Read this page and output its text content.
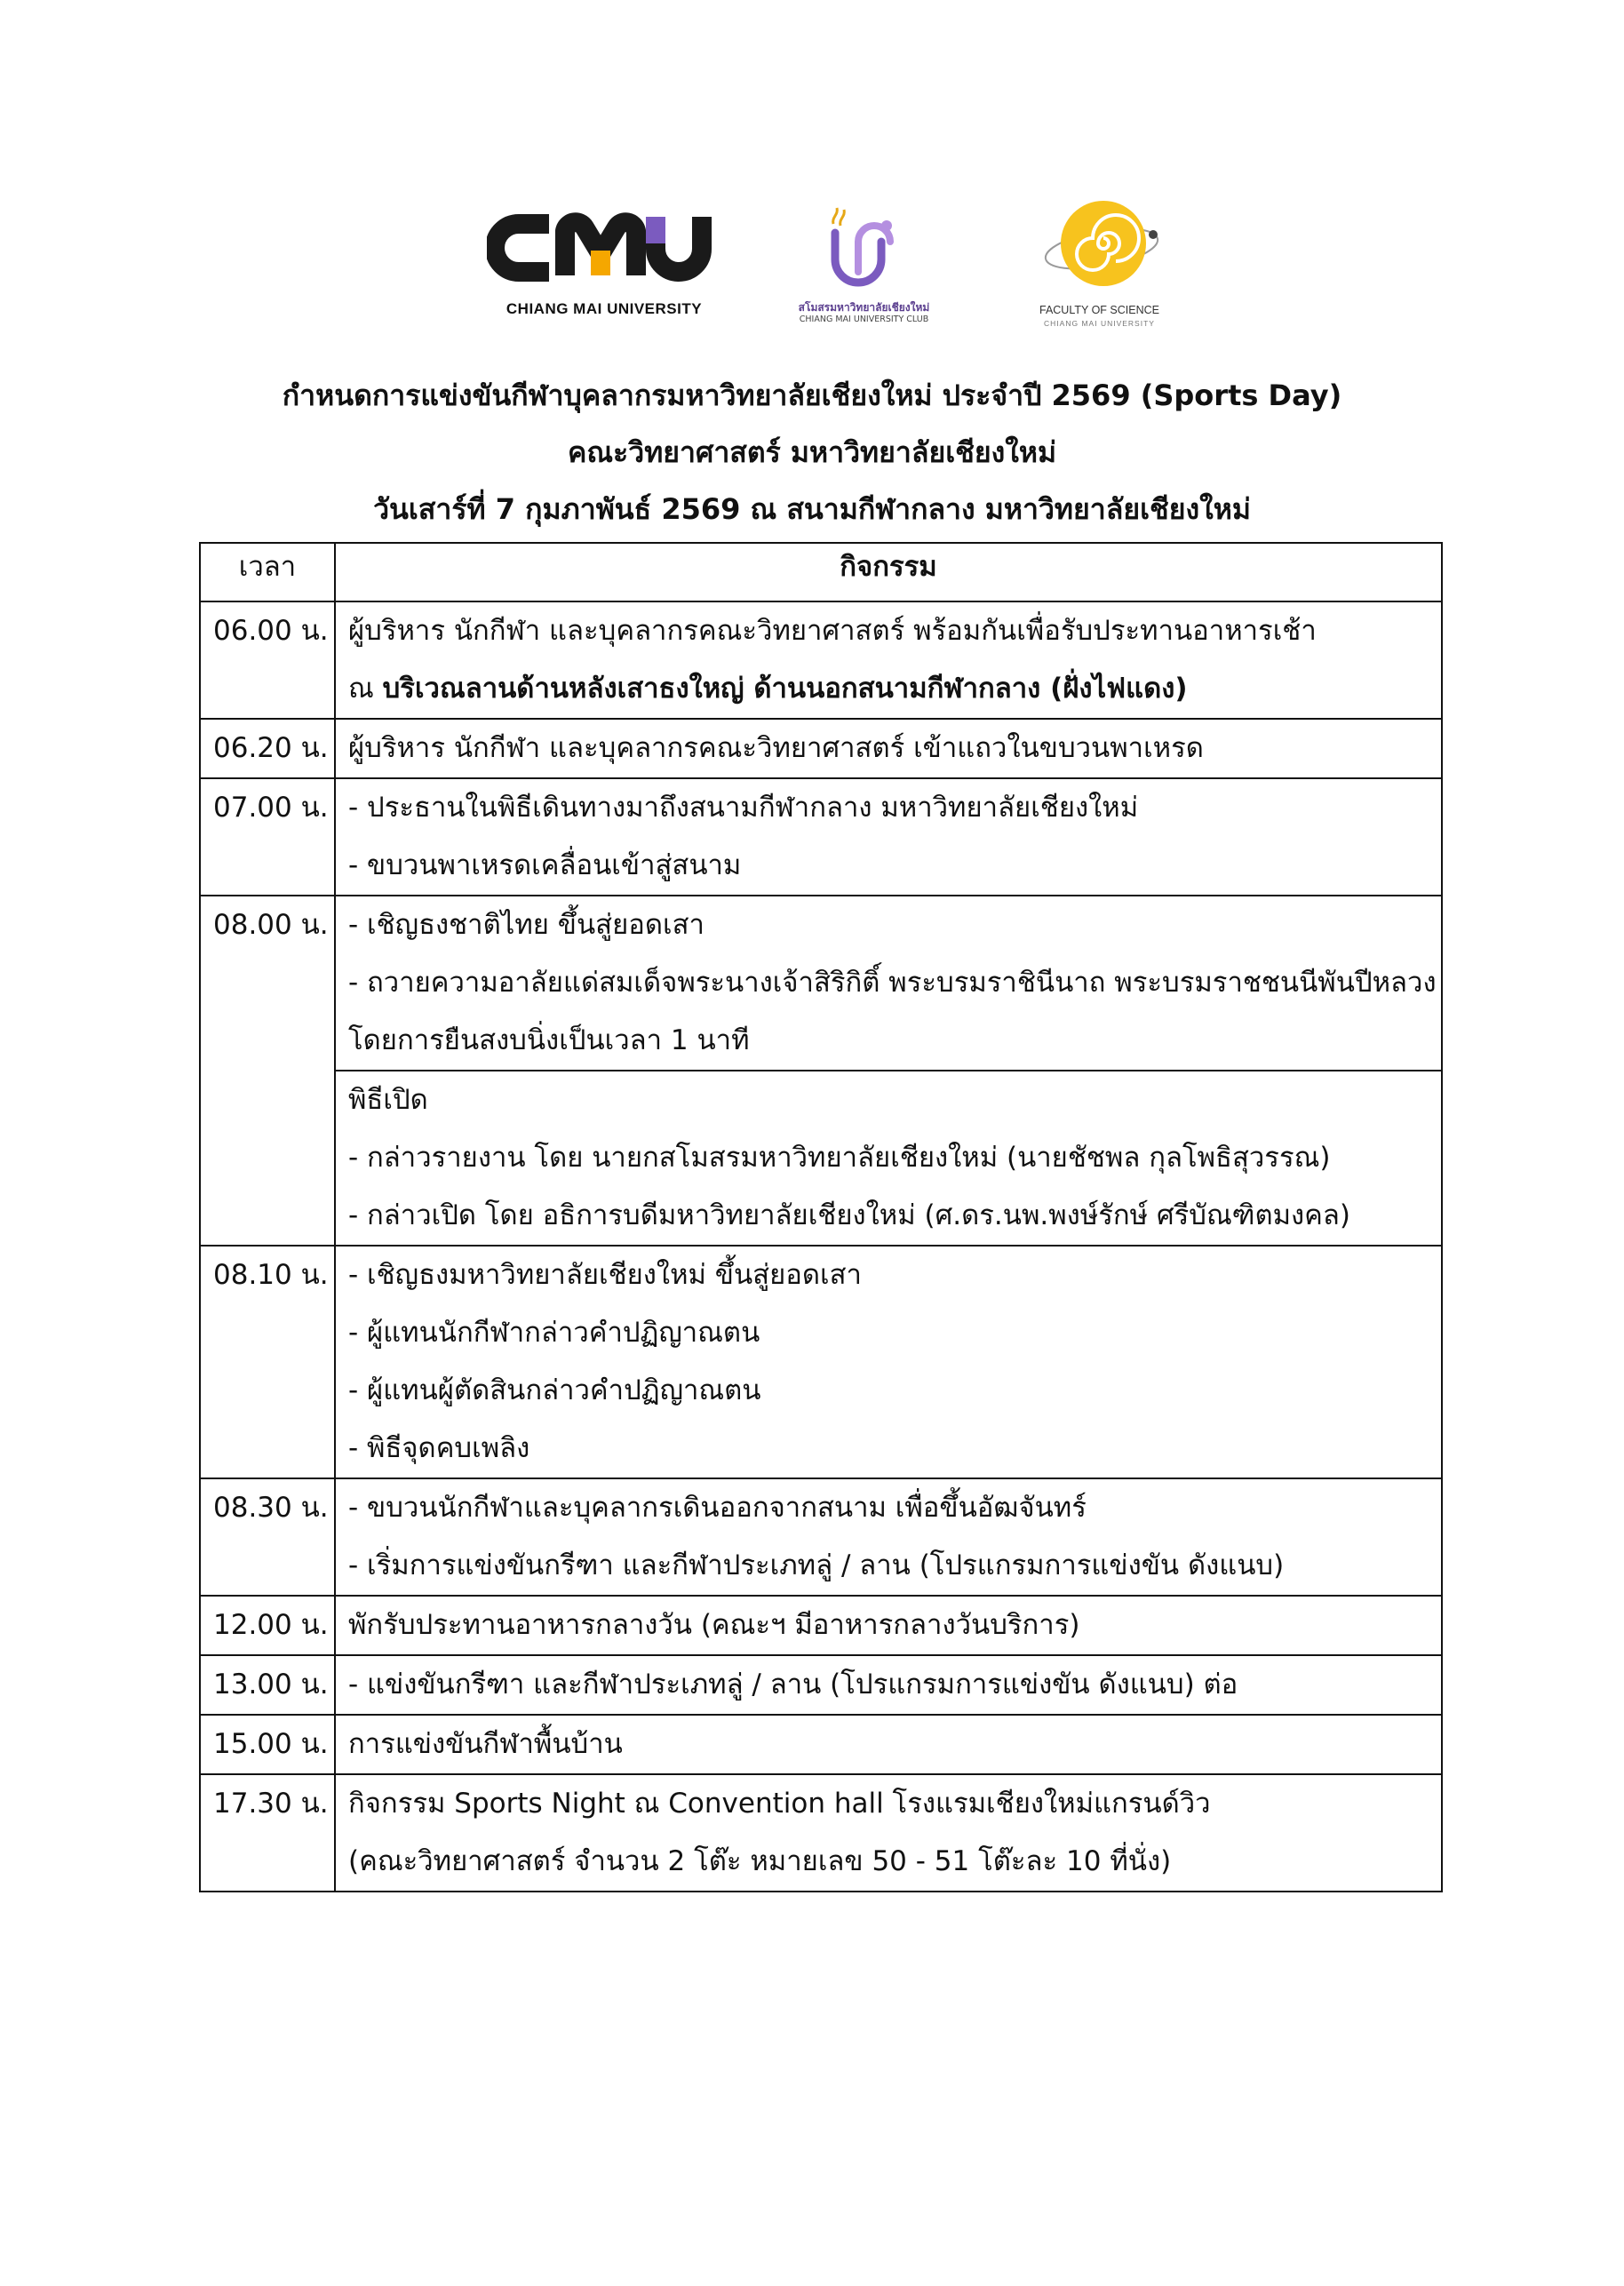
CHIANG MAI UNIVERSITY	สโมสรมหาวิทยาลัยเชียงใหม่
CHIANG MAI UNIVERSITY CLUB
FACULTY OF SCIENCE
CHIANG MAI UNIVERSITY
กำหนดการแข่งขันกีฬาบุคลากรมหาวิทยาลัยเชียงใหม่ ประจำปี 2569 (Sports Day)
คณะวิทยาศาสตร์ มหาวิทยาลัยเชียงใหม่
วันเสาร์ที่ 7 กุมภาพันธ์ 2569 ณ สนามกีฬากลาง มหาวิทยาลัยเชียงใหม่
เวลา	กิจกรรม
06.00 น.	ผู้บริหาร นักกีฬา และบุคลากรคณะวิทยาศาสตร์ พร้อมกันเพื่อรับประทานอาหารเช้า
ณ บริเวณลานด้านหลังเสาธงใหญ่ ด้านนอกสนามกีฬากลาง (ฝั่งไฟแดง)

06.20 น.	ผู้บริหาร นักกีฬา และบุคลากรคณะวิทยาศาสตร์ เข้าแถวในขบวนพาเหรด

07.00 น.	- ประธานในพิธีเดินทางมาถึงสนามกีฬากลาง มหาวิทยาลัยเชียงใหม่
- ขบวนพาเหรดเคลื่อนเข้าสู่สนาม

08.00 น.	- เชิญธงชาติไทย ขึ้นสู่ยอดเสา
- ถวายความอาลัยแด่สมเด็จพระนางเจ้าสิริกิติ์ พระบรมราชินีนาถ พระบรมราชชนนีพันปีหลวง
โดยการยืนสงบนิ่งเป็นเวลา 1 นาที

	พิธีเปิด
- กล่าวรายงาน โดย นายกสโมสรมหาวิทยาลัยเชียงใหม่ (นายชัชพล กุลโพธิสุวรรณ)
- กล่าวเปิด โดย อธิการบดีมหาวิทยาลัยเชียงใหม่ (ศ.ดร.นพ.พงษ์รักษ์ ศรีบัณฑิตมงคล)

08.10 น.	- เชิญธงมหาวิทยาลัยเชียงใหม่ ขึ้นสู่ยอดเสา
- ผู้แทนนักกีฬากล่าวคำปฏิญาณตน
- ผู้แทนผู้ตัดสินกล่าวคำปฏิญาณตน
- พิธีจุดคบเพลิง

08.30 น.	- ขบวนนักกีฬาและบุคลากรเดินออกจากสนาม เพื่อขึ้นอัฒจันทร์
- เริ่มการแข่งขันกรีฑา และกีฬาประเภทลู่ / ลาน (โปรแกรมการแข่งขัน ดังแนบ)

12.00 น.	พักรับประทานอาหารกลางวัน (คณะฯ มีอาหารกลางวันบริการ)

13.00 น.	- แข่งขันกรีฑา และกีฬาประเภทลู่ / ลาน (โปรแกรมการแข่งขัน ดังแนบ) ต่อ

15.00 น.	การแข่งขันกีฬาพื้นบ้าน

17.30 น.	กิจกรรม Sports Night ณ Convention hall โรงแรมเชียงใหม่แกรนด์วิว
(คณะวิทยาศาสตร์ จำนวน 2 โต๊ะ หมายเลข 50 - 51 โต๊ะละ 10 ที่นั่ง)
